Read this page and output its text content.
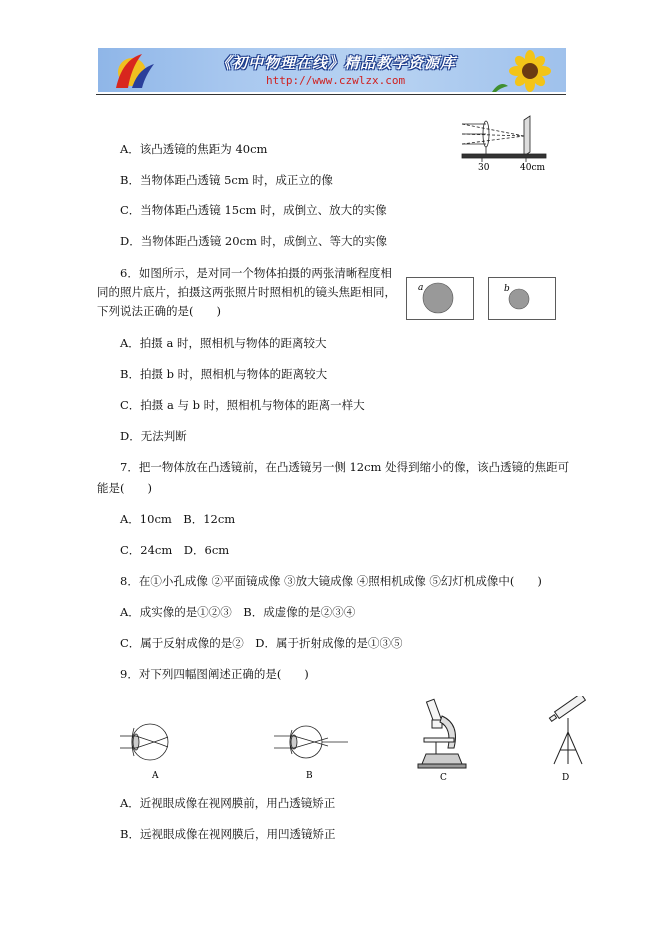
《初中物理在线》精品教学资源库
http://www.czwlzx.com
30	40cm
A．该凸透镜的焦距为 40cm
B．当物体距凸透镜 5cm 时，成正立的像
C．当物体距凸透镜 15cm 时，成倒立、放大的实像
D．当物体距凸透镜 20cm 时，成倒立、等大的实像
6．如图所示，是对同一个物体拍摄的两张清晰程度相
同的照片底片，拍摄这两张照片时照相机的镜头焦距相同，
下列说法正确的是(　　)
a	b
A．拍摄 a 时，照相机与物体的距离较大
B．拍摄 b 时，照相机与物体的距离较大
C．拍摄 a 与 b 时，照相机与物体的距离一样大
D．无法判断
7．把一物体放在凸透镜前，在凸透镜另一侧 12cm 处得到缩小的像，该凸透镜的焦距可
能是(　　)
A．10cm　B．12cm
C．24cm　D．6cm
8．在①小孔成像 ②平面镜成像 ③放大镜成像 ④照相机成像 ⑤幻灯机成像中(　　)
A．成实像的是①②③　B．成虚像的是②③④
C．属于反射成像的是②　D．属于折射成像的是①③⑤
9．对下列四幅图阐述正确的是(　　)
A	B	C	D
A．近视眼成像在视网膜前，用凸透镜矫正
B．远视眼成像在视网膜后，用凹透镜矫正
